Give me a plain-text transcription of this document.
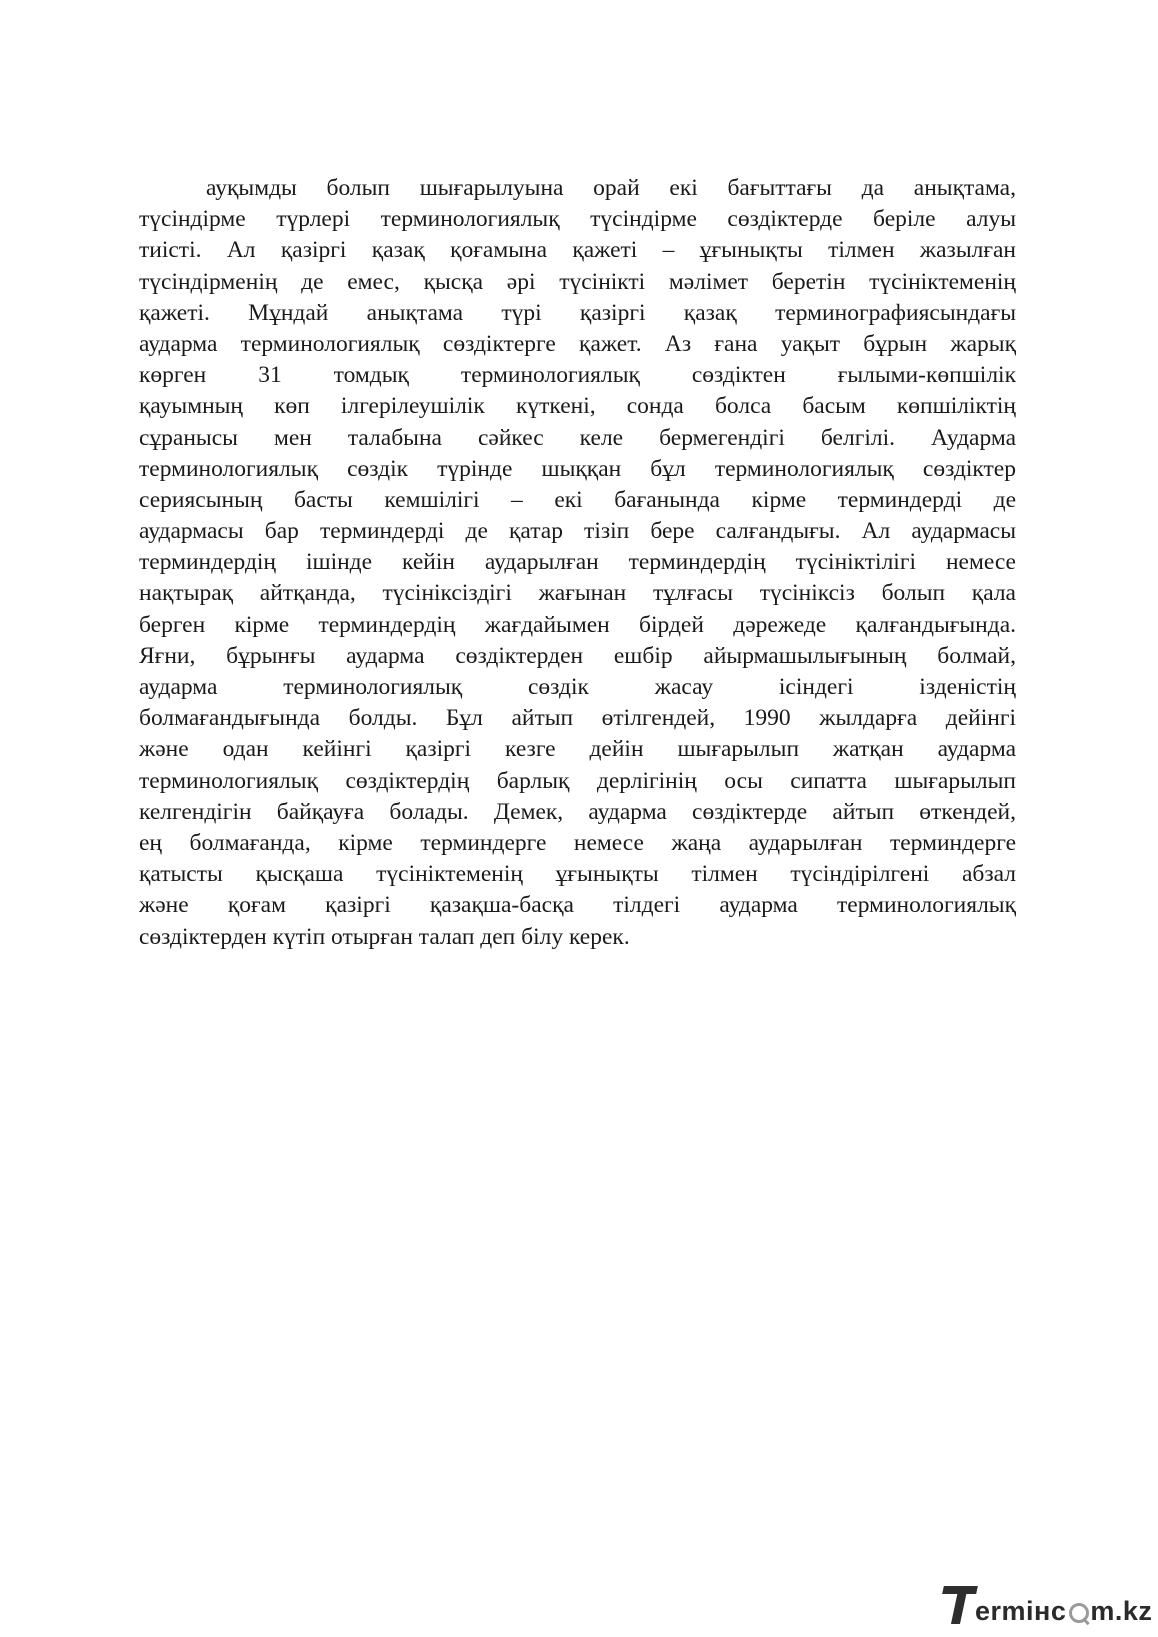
ауқымды болып шығарылуына орай екі бағыттағы да анықтама,
түсіндірме түрлері терминологиялық түсіндірме сөздіктерде беріле алуы
тиісті. Ал қазіргі қазақ қоғамына қажеті – ұғынықты тілмен жазылған
түсіндірменің де емес, қысқа әрі түсінікті мәлімет беретін түсініктеменің
қажеті. Мұндай анықтама түрі қазіргі қазақ терминографиясындағы
аударма терминологиялық сөздіктерге қажет. Аз ғана уақыт бұрын жарық
көрген 31 томдық терминологиялық сөздіктен ғылыми-көпшілік
қауымның көп ілгерілеушілік күткені, сонда болса басым көпшіліктің
сұранысы мен талабына сәйкес келе бермегендігі белгілі. Аударма
терминологиялық сөздік түрінде шыққан бұл терминологиялық сөздіктер
сериясының басты кемшілігі – екі бағанында кірме терминдерді де
аудармасы бар терминдерді де қатар тізіп бере салғандығы. Ал аудармасы
терминдердің ішінде кейін аударылған терминдердің түсініктілігі немесе
нақтырақ айтқанда, түсініксіздігі жағынан тұлғасы түсініксіз болып қала
берген кірме терминдердің жағдайымен бірдей дәрежеде қалғандығында.
Яғни, бұрынғы аударма сөздіктерден ешбір айырмашылығының болмай,
аударма терминологиялық сөздік жасау ісіндегі ізденістің
болмағандығында болды. Бұл айтып өтілгендей, 1990 жылдарға дейінгі
және одан кейінгі қазіргі кезге дейін шығарылып жатқан аударма
терминологиялық сөздіктердің барлық дерлігінің осы сипатта шығарылып
келгендігін байқауға болады. Демек, аударма сөздіктерде айтып өткендей,
ең болмағанда, кірме терминдерге немесе жаңа аударылған терминдерге
қатысты қысқаша түсініктеменің ұғынықты тілмен түсіндірілгені абзал
және қоғам қазіргі қазақша-басқа тілдегі аударма терминологиялық
сөздіктерден күтіп отырған талап деп білу керек.
ermінс m.kz
